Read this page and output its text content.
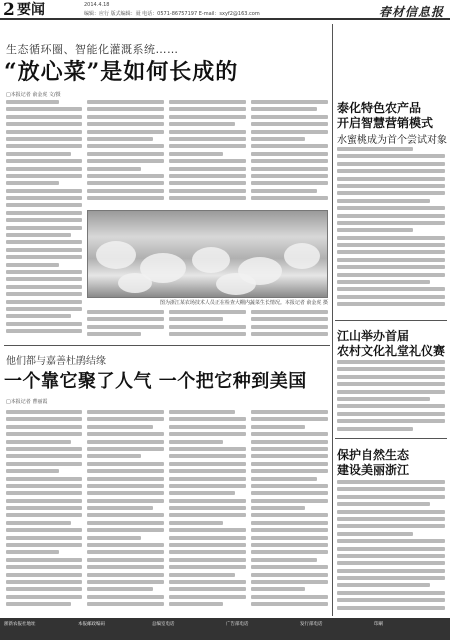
2 要闻	2014.4.18
编辑：应行 版式编辑：聂 电话：0571-86757197 E-mail：sxyf2@163.com	春材信息报
生态循环圈、智能化灌溉系统……
“放心菜”是如何长成的
□本报记者 俞金虎 文/摄
图为浙江某农场技术人员正在检查大棚内蔬菜生长情况。本报记者 俞金虎 摄
他们都与嘉善杜鹃结缘
一个靠它聚了人气 一个把它种到美国
□本报记者 曹丽霞
泰化特色农产品
开启智慧营销模式
水蜜桃成为首个尝试对象
江山举办首届
农村文化礼堂礼仪赛
保护自然生态
建设美丽浙江
浙新农报社地址	本报邮政编码	总编室电话	广告部电话	发行部电话	印刷
